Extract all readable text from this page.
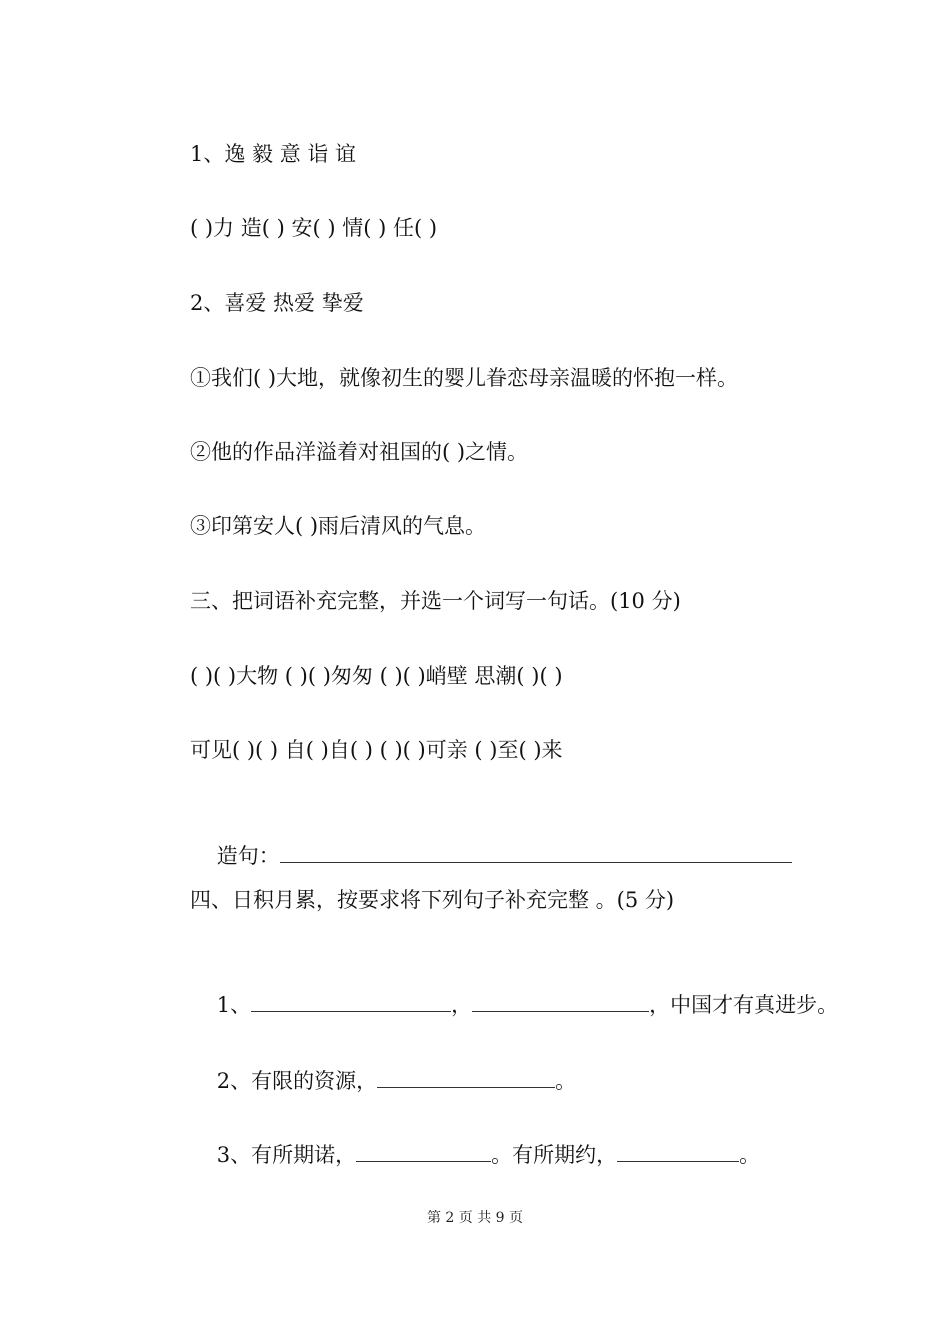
1、逸 毅 意 诣 谊
( )力 造( ) 安( ) 情( ) 任( )
2、喜爱 热爱 挚爱
①我们( )大地，就像初生的婴儿眷恋母亲温暖的怀抱一样。
②他的作品洋溢着对祖国的( )之情。
③印第安人( )雨后清风的气息。
三、把词语补充完整，并选一个词写一句话。(10 分)
( )( )大物 ( )( )匆匆 ( )( )峭壁 思潮( )( )
可见( )( ) 自( )自( ) ( )( )可亲 ( )至( )来

造句：

四、日积月累，按要求将下列句子补充完整 。(5 分)

1、	，	，中国才有真进步。

2、有限的资源，	。

3、有所期诺，	。有所期约，	。

第 2 页 共 9 页
